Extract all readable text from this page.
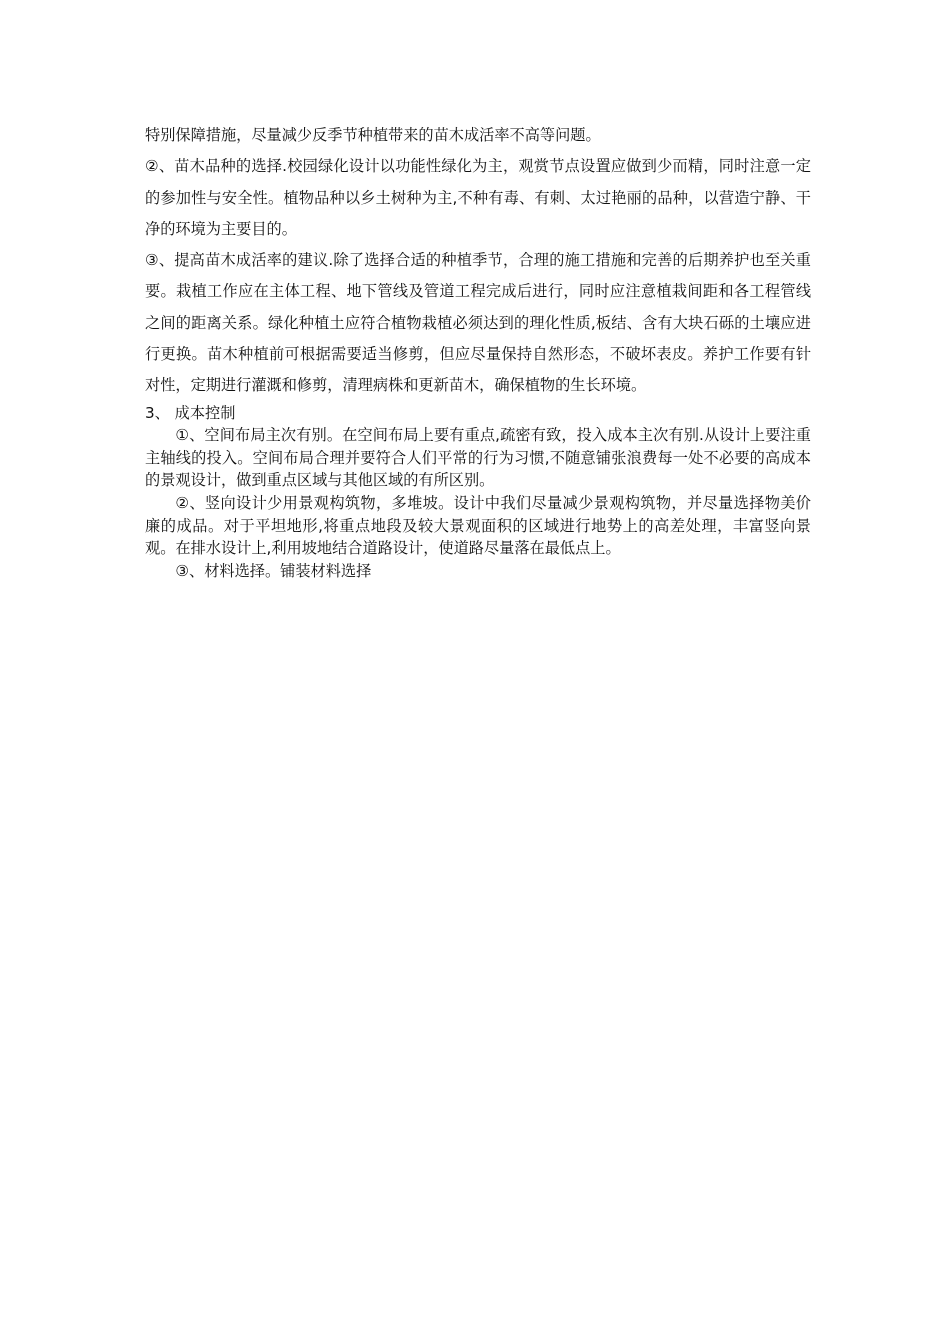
特别保障措施，尽量减少反季节种植带来的苗木成活率不高等问题。

②、苗木品种的选择.校园绿化设计以功能性绿化为主，观赏节点设置应做到少而精，同时注意一定的参加性与安全性。植物品种以乡土树种为主,不种有毒、有刺、太过艳丽的品种，以营造宁静、干净的环境为主要目的。

③、提高苗木成活率的建议.除了选择合适的种植季节，合理的施工措施和完善的后期养护也至关重要。栽植工作应在主体工程、地下管线及管道工程完成后进行，同时应注意植栽间距和各工程管线之间的距离关系。绿化种植土应符合植物栽植必须达到的理化性质,板结、含有大块石砾的土壤应进行更换。苗木种植前可根据需要适当修剪，但应尽量保持自然形态，不破坏表皮。养护工作要有针对性，定期进行灌溉和修剪，清理病株和更新苗木，确保植物的生长环境。

3、 成本控制

①、空间布局主次有别。在空间布局上要有重点,疏密有致，投入成本主次有别.从设计上要注重主轴线的投入。空间布局合理并要符合人们平常的行为习惯,不随意铺张浪费每一处不必要的高成本的景观设计，做到重点区域与其他区域的有所区别。

②、竖向设计少用景观构筑物，多堆坡。设计中我们尽量减少景观构筑物，并尽量选择物美价廉的成品。对于平坦地形,将重点地段及较大景观面积的区域进行地势上的高差处理，丰富竖向景观。在排水设计上,利用坡地结合道路设计，使道路尽量落在最低点上。

③、材料选择。铺装材料选择
